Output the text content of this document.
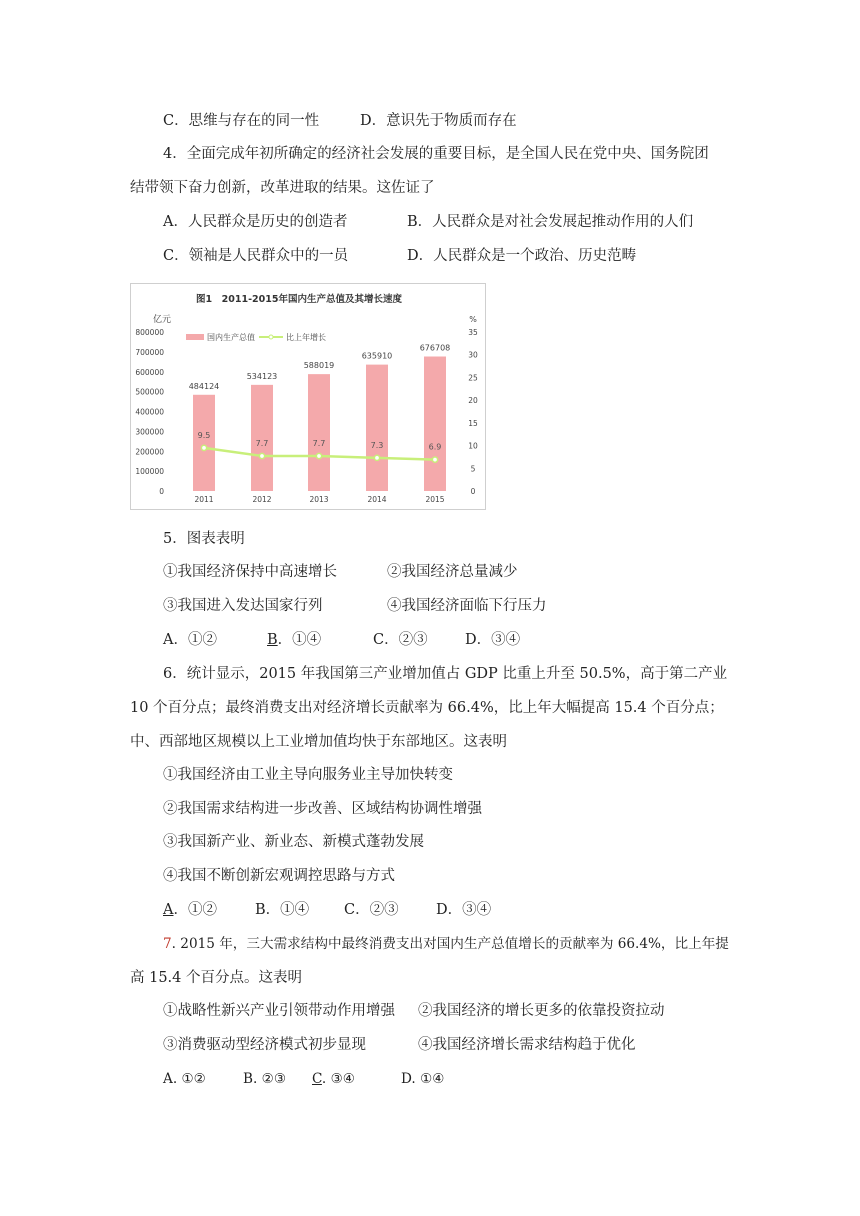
C．思维与存在的同一性	D．意识先于物质而存在
4．全面完成年初所确定的经济社会发展的重要目标，是全国人民在党中央、国务院团
结带领下奋力创新，改革进取的结果。这佐证了
A．人民群众是历史的创造者	B．人民群众是对社会发展起推动作用的人们
C．领袖是人民群众中的一员	D．人民群众是一个政治、历史范畴
图1　2011-2015年国内生产总值及其增长速度
亿元	%
800000
700000
600000
500000
400000
300000
200000
100000
0
35
30
25
20
15
10
5
0
国内生产总值	比上年增长
484124
534123
588019
635910
676708
2011	2012	2013	2014	2015
9.5
7.7	7.7	7.3	6.9
5．图表表明
①我国经济保持中高速增长	②我国经济总量减少
③我国进入发达国家行列	④我国经济面临下行压力
A．①②	B．①④	C．②③	D．③④
6．统计显示，2015 年我国第三产业增加值占 GDP 比重上升至 50.5%，高于第二产业
10 个百分点；最终消费支出对经济增长贡献率为 66.4%，比上年大幅提高 15.4 个百分点；
中、西部地区规模以上工业增加值均快于东部地区。这表明
①我国经济由工业主导向服务业主导加快转变
②我国需求结构进一步改善、区域结构协调性增强
③我国新产业、新业态、新模式蓬勃发展
④我国不断创新宏观调控思路与方式
A．①②	B．①④ C．②③	D．③④
7. 2015 年，三大需求结构中最终消费支出对国内生产总值增长的贡献率为 66.4%，比上年提
高 15.4 个百分点。这表明
①战略性新兴产业引领带动作用增强 ②我国经济的增长更多的依靠投资拉动
③消费驱动型经济模式初步显现	④我国经济增长需求结构趋于优化
A. ①②	B. ②③ C. ③④	D. ①④
